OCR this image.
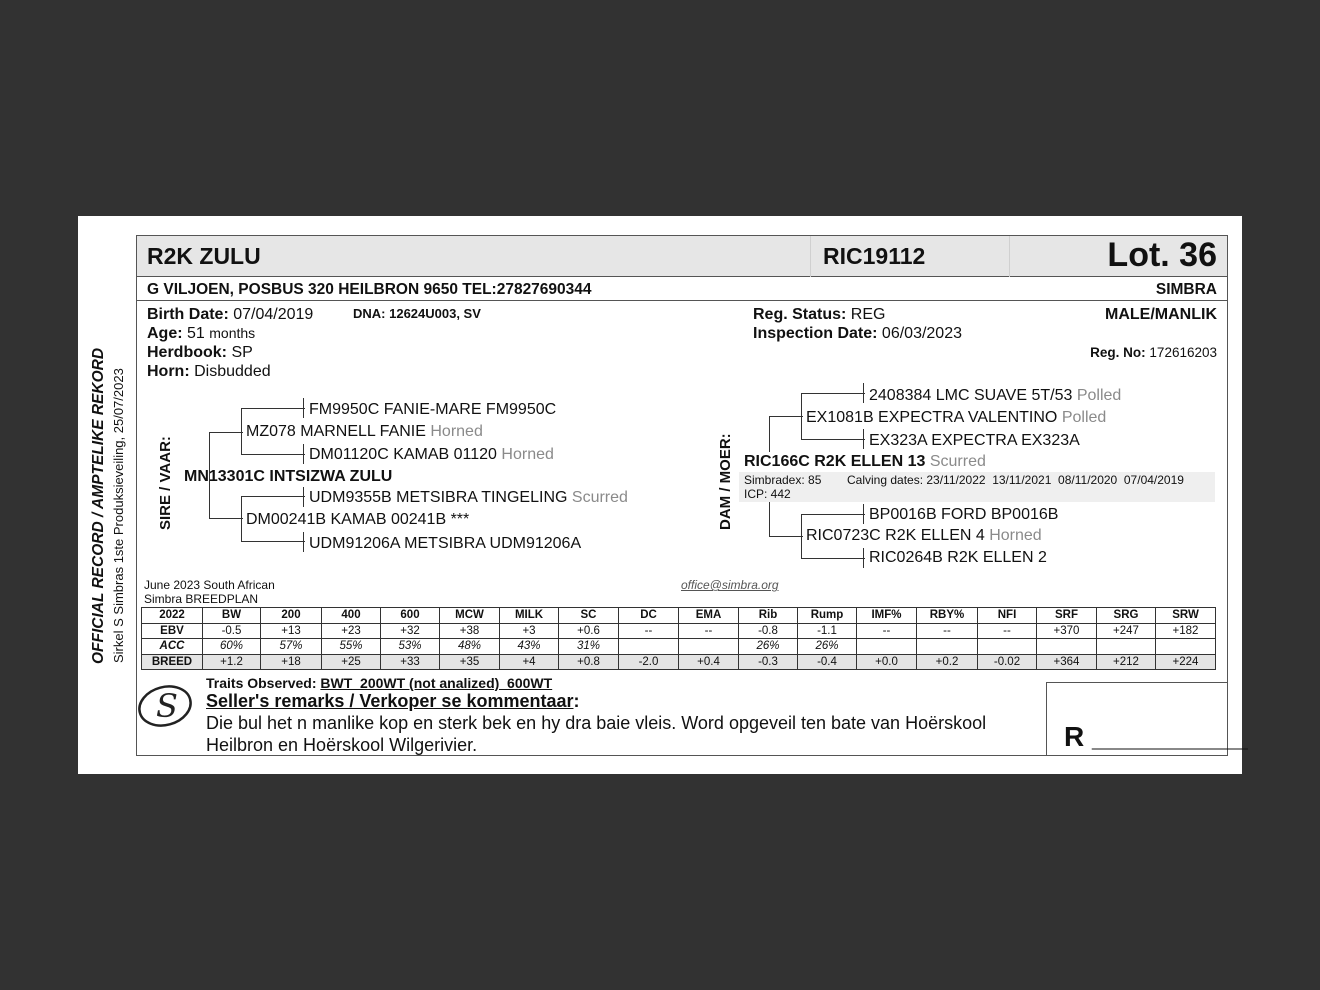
OFFICIAL RECORD / AMPTELIKE REKORD Sirkel S Simbras 1ste Produksieveiling, 25/07/2023
R2K ZULU	RIC19112	Lot. 36
G VILJOEN, POSBUS 320 HEILBRON 9650 TEL:27827690344	SIMBRA
Birth Date: 07/04/2019	DNA: 12624U003, SV
Age: 51 months
Herdbook: SP
Horn: Disbudded
Reg. Status: REG
Inspection Date: 06/03/2023
MALE/MANLIK
Reg. No: 172616203
SIRE / VAAR:
FM9950C FANIE-MARE FM9950C
MZ078 MARNELL FANIE Horned
DM01120C KAMAB 01120 Horned
MN13301C INTSIZWA ZULU
UDM9355B METSIBRA TINGELING Scurred
DM00241B KAMAB 00241B ***
UDM91206A METSIBRA UDM91206A
DAM / MOER:
2408384 LMC SUAVE 5T/53 Polled
EX1081B EXPECTRA VALENTINO Polled
EX323A EXPECTRA EX323A
RIC166C R2K ELLEN 13 Scurred
Simbradex: 85
ICP: 442
Calving dates: 23/11/2022  13/11/2021  08/11/2020  07/04/2019
BP0016B FORD BP0016B
RIC0723C R2K ELLEN 4 Horned
RIC0264B R2K ELLEN 2
June 2023 South African
Simbra BREEDPLAN
office@simbra.org
2022	BW	200	400	600	MCW	MILK	SC	DC	EMA	Rib	Rump	IMF%	RBY%	NFI	SRF	SRG	SRW
EBV	-0.5	+13	+23	+32	+38	+3	+0.6	--	--	-0.8	-1.1	--	--	--	+370	+247	+182
ACC	60%	57%	55%	53%	48%	43%	31%			26%	26%						
BREED	+1.2	+18	+25	+33	+35	+4	+0.8	-2.0	+0.4	-0.3	-0.4	+0.0	+0.2	-0.02	+364	+212	+224
S
Traits Observed: BWT  200WT (not analized)  600WT
Seller's remarks / Verkoper se kommentaar:
Die bul het n manlike kop en sterk bek en hy dra baie vleis. Word opgeveil ten bate van Hoërskool
Heilbron en Hoërskool Wilgerivier.	R __________
